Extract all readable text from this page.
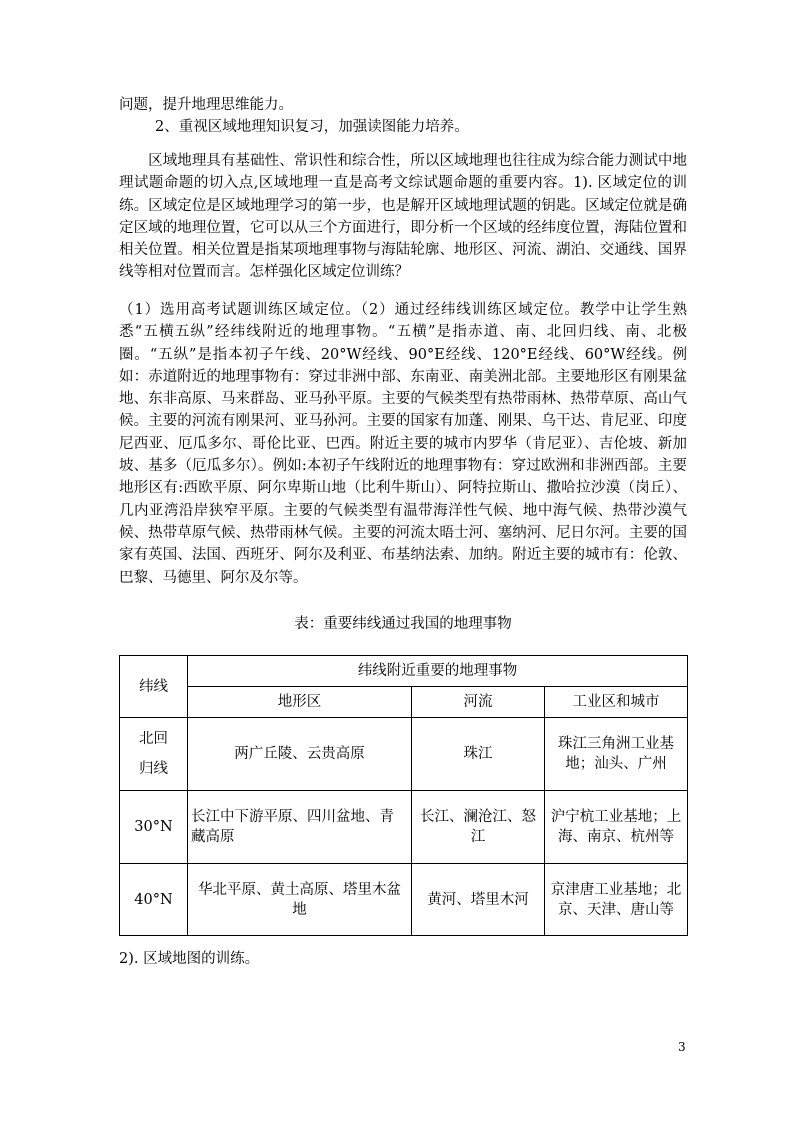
问题，提升地理思维能力。

2、重视区域地理知识复习，加强读图能力培养。

　　区域地理具有基础性、常识性和综合性，所以区域地理也往往成为综合能力测试中地理试题命题的切入点,区域地理一直是高考文综试题命题的重要内容。1). 区域定位的训练。区域定位是区域地理学习的第一步，也是解开区域地理试题的钥匙。区域定位就是确定区域的地理位置，它可以从三个方面进行，即分析一个区域的经纬度位置，海陆位置和相关位置。相关位置是指某项地理事物与海陆轮廓、地形区、河流、湖泊、交通线、国界线等相对位置而言。怎样强化区域定位训练？

（1）选用高考试题训练区域定位。（2）通过经纬线训练区域定位。教学中让学生熟悉“五横五纵”经纬线附近的地理事物。“五横”是指赤道、南、北回归线、南、北极圈。“五纵”是指本初子午线、20°W经线、90°E经线、120°E经线、60°W经线。例如：赤道附近的地理事物有：穿过非洲中部、东南亚、南美洲北部。主要地形区有刚果盆地、东非高原、马来群岛、亚马孙平原。主要的气候类型有热带雨林、热带草原、高山气候。主要的河流有刚果河、亚马孙河。主要的国家有加蓬、刚果、乌干达、肯尼亚、印度尼西亚、厄瓜多尔、哥伦比亚、巴西。附近主要的城市内罗华（肯尼亚）、吉伦坡、新加坡、基多（厄瓜多尔）。例如:本初子午线附近的地理事物有：穿过欧洲和非洲西部。主要地形区有:西欧平原、阿尔卑斯山地（比利牛斯山）、阿特拉斯山、撒哈拉沙漠（岗丘）、几内亚湾沿岸狭窄平原。主要的气候类型有温带海洋性气候、地中海气候、热带沙漠气候、热带草原气候、热带雨林气候。主要的河流太晤士河、塞纳河、尼日尔河。主要的国家有英国、法国、西班牙、阿尔及利亚、布基纳法索、加纳。附近主要的城市有：伦敦、巴黎、马德里、阿尔及尔等。

表：重要纬线通过我国的地理事物
纬线	纬线附近重要的地理事物		
	地形区	河流	工业区和城市

北回
归线	两广丘陵、云贵高原	珠江	珠江三角洲工业基地；汕头、广州
30°N	长江中下游平原、四川盆地、青藏高原	长江、澜沧江、怒江	沪宁杭工业基地；上海、南京、杭州等
40°N	华北平原、黄土高原、塔里木盆地	黄河、塔里木河	京津唐工业基地；北京、天津、唐山等

2). 区域地图的训练。

3
